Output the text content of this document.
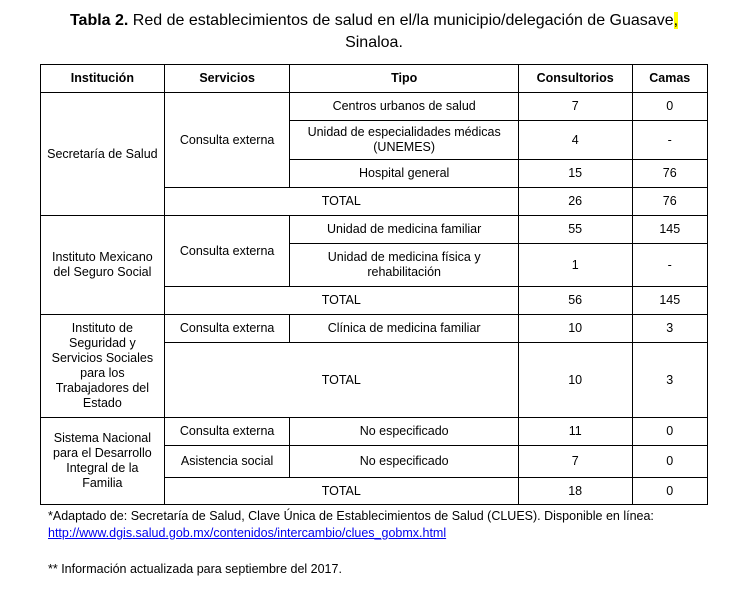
Tabla 2. Red de establecimientos de salud en el/la municipio/delegación de Guasave,
Sinaloa.
Institución	Servicios	Tipo	Consultorios	Camas
Secretaría de Salud	Consulta externa	Centros urbanos de salud	7	0
		Unidad de especialidades médicas (UNEMES)	4	-
		Hospital general	15	76
	TOTAL		26	76
Instituto Mexicano del Seguro Social	Consulta externa	Unidad de medicina familiar	55	145
		Unidad de medicina física y rehabilitación	1	-
	TOTAL		56	145
Instituto de Seguridad y Servicios Sociales para los Trabajadores del Estado	Consulta externa	Clínica de medicina familiar	10	3
	TOTAL		10	3
Sistema Nacional para el Desarrollo Integral de la Familia	Consulta externa	No especificado	11	0
	Asistencia social	No especificado	7	0
	TOTAL		18	0
*Adaptado de: Secretaría de Salud, Clave Única de Establecimientos de Salud (CLUES). Disponible en línea:
http://www.dgis.salud.gob.mx/contenidos/intercambio/clues_gobmx.html
** Información actualizada para septiembre del 2017.
